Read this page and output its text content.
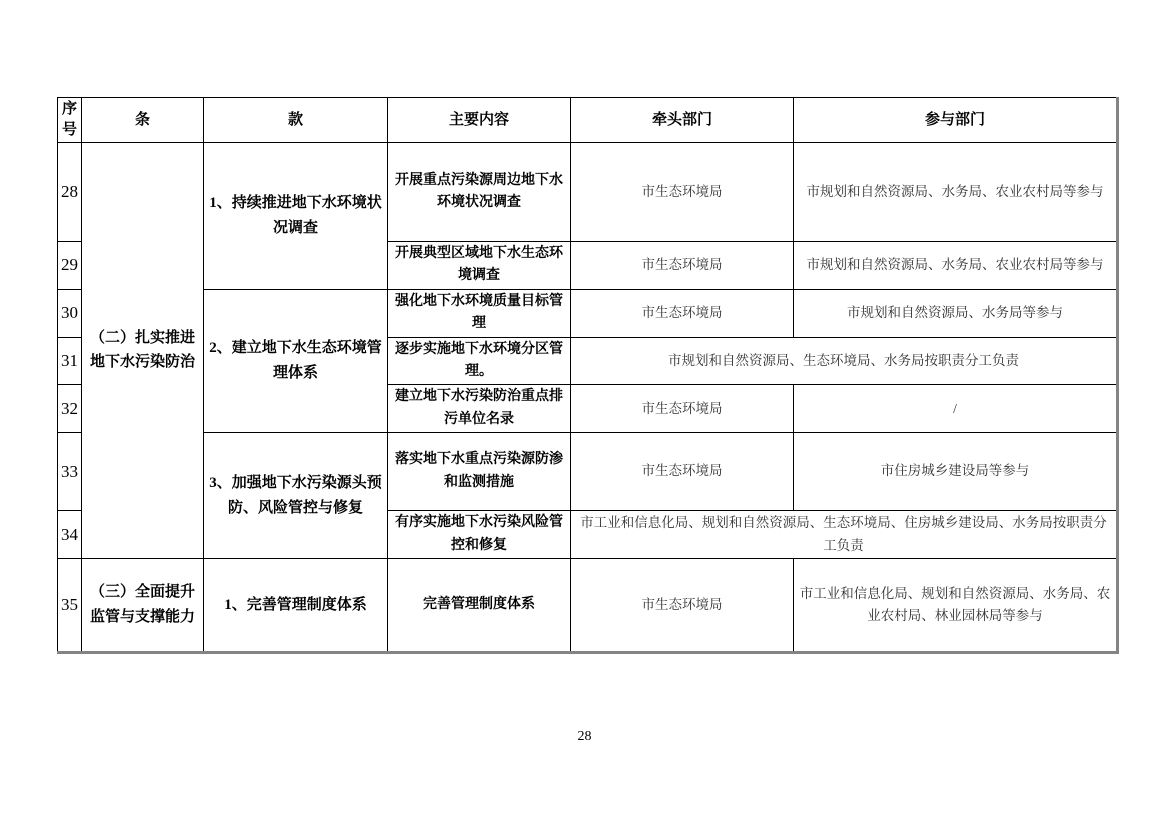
序号	条	款	主要内容	牵头部门	参与部门
28	（二）扎实推进地下水污染防治	1、持续推进地下水环境状况调查	开展重点污染源周边地下水环境状况调查	市生态环境局	市规划和自然资源局、水务局、农业农村局等参与
29			开展典型区域地下水生态环境调查	市生态环境局	市规划和自然资源局、水务局、农业农村局等参与
30		2、建立地下水生态环境管理体系	强化地下水环境质量目标管理	市生态环境局	市规划和自然资源局、水务局等参与
31			逐步实施地下水环境分区管理。	市规划和自然资源局、生态环境局、水务局按职责分工负责	
32			建立地下水污染防治重点排污单位名录	市生态环境局	/
33		3、加强地下水污染源头预防、风险管控与修复	落实地下水重点污染源防渗和监测措施	市生态环境局	市住房城乡建设局等参与
34			有序实施地下水污染风险管控和修复	市工业和信息化局、规划和自然资源局、生态环境局、住房城乡建设局、水务局按职责分工负责	
35	（三）全面提升监管与支撑能力	1、完善管理制度体系	完善管理制度体系	市生态环境局	市工业和信息化局、规划和自然资源局、水务局、农业农村局、林业园林局等参与
28
